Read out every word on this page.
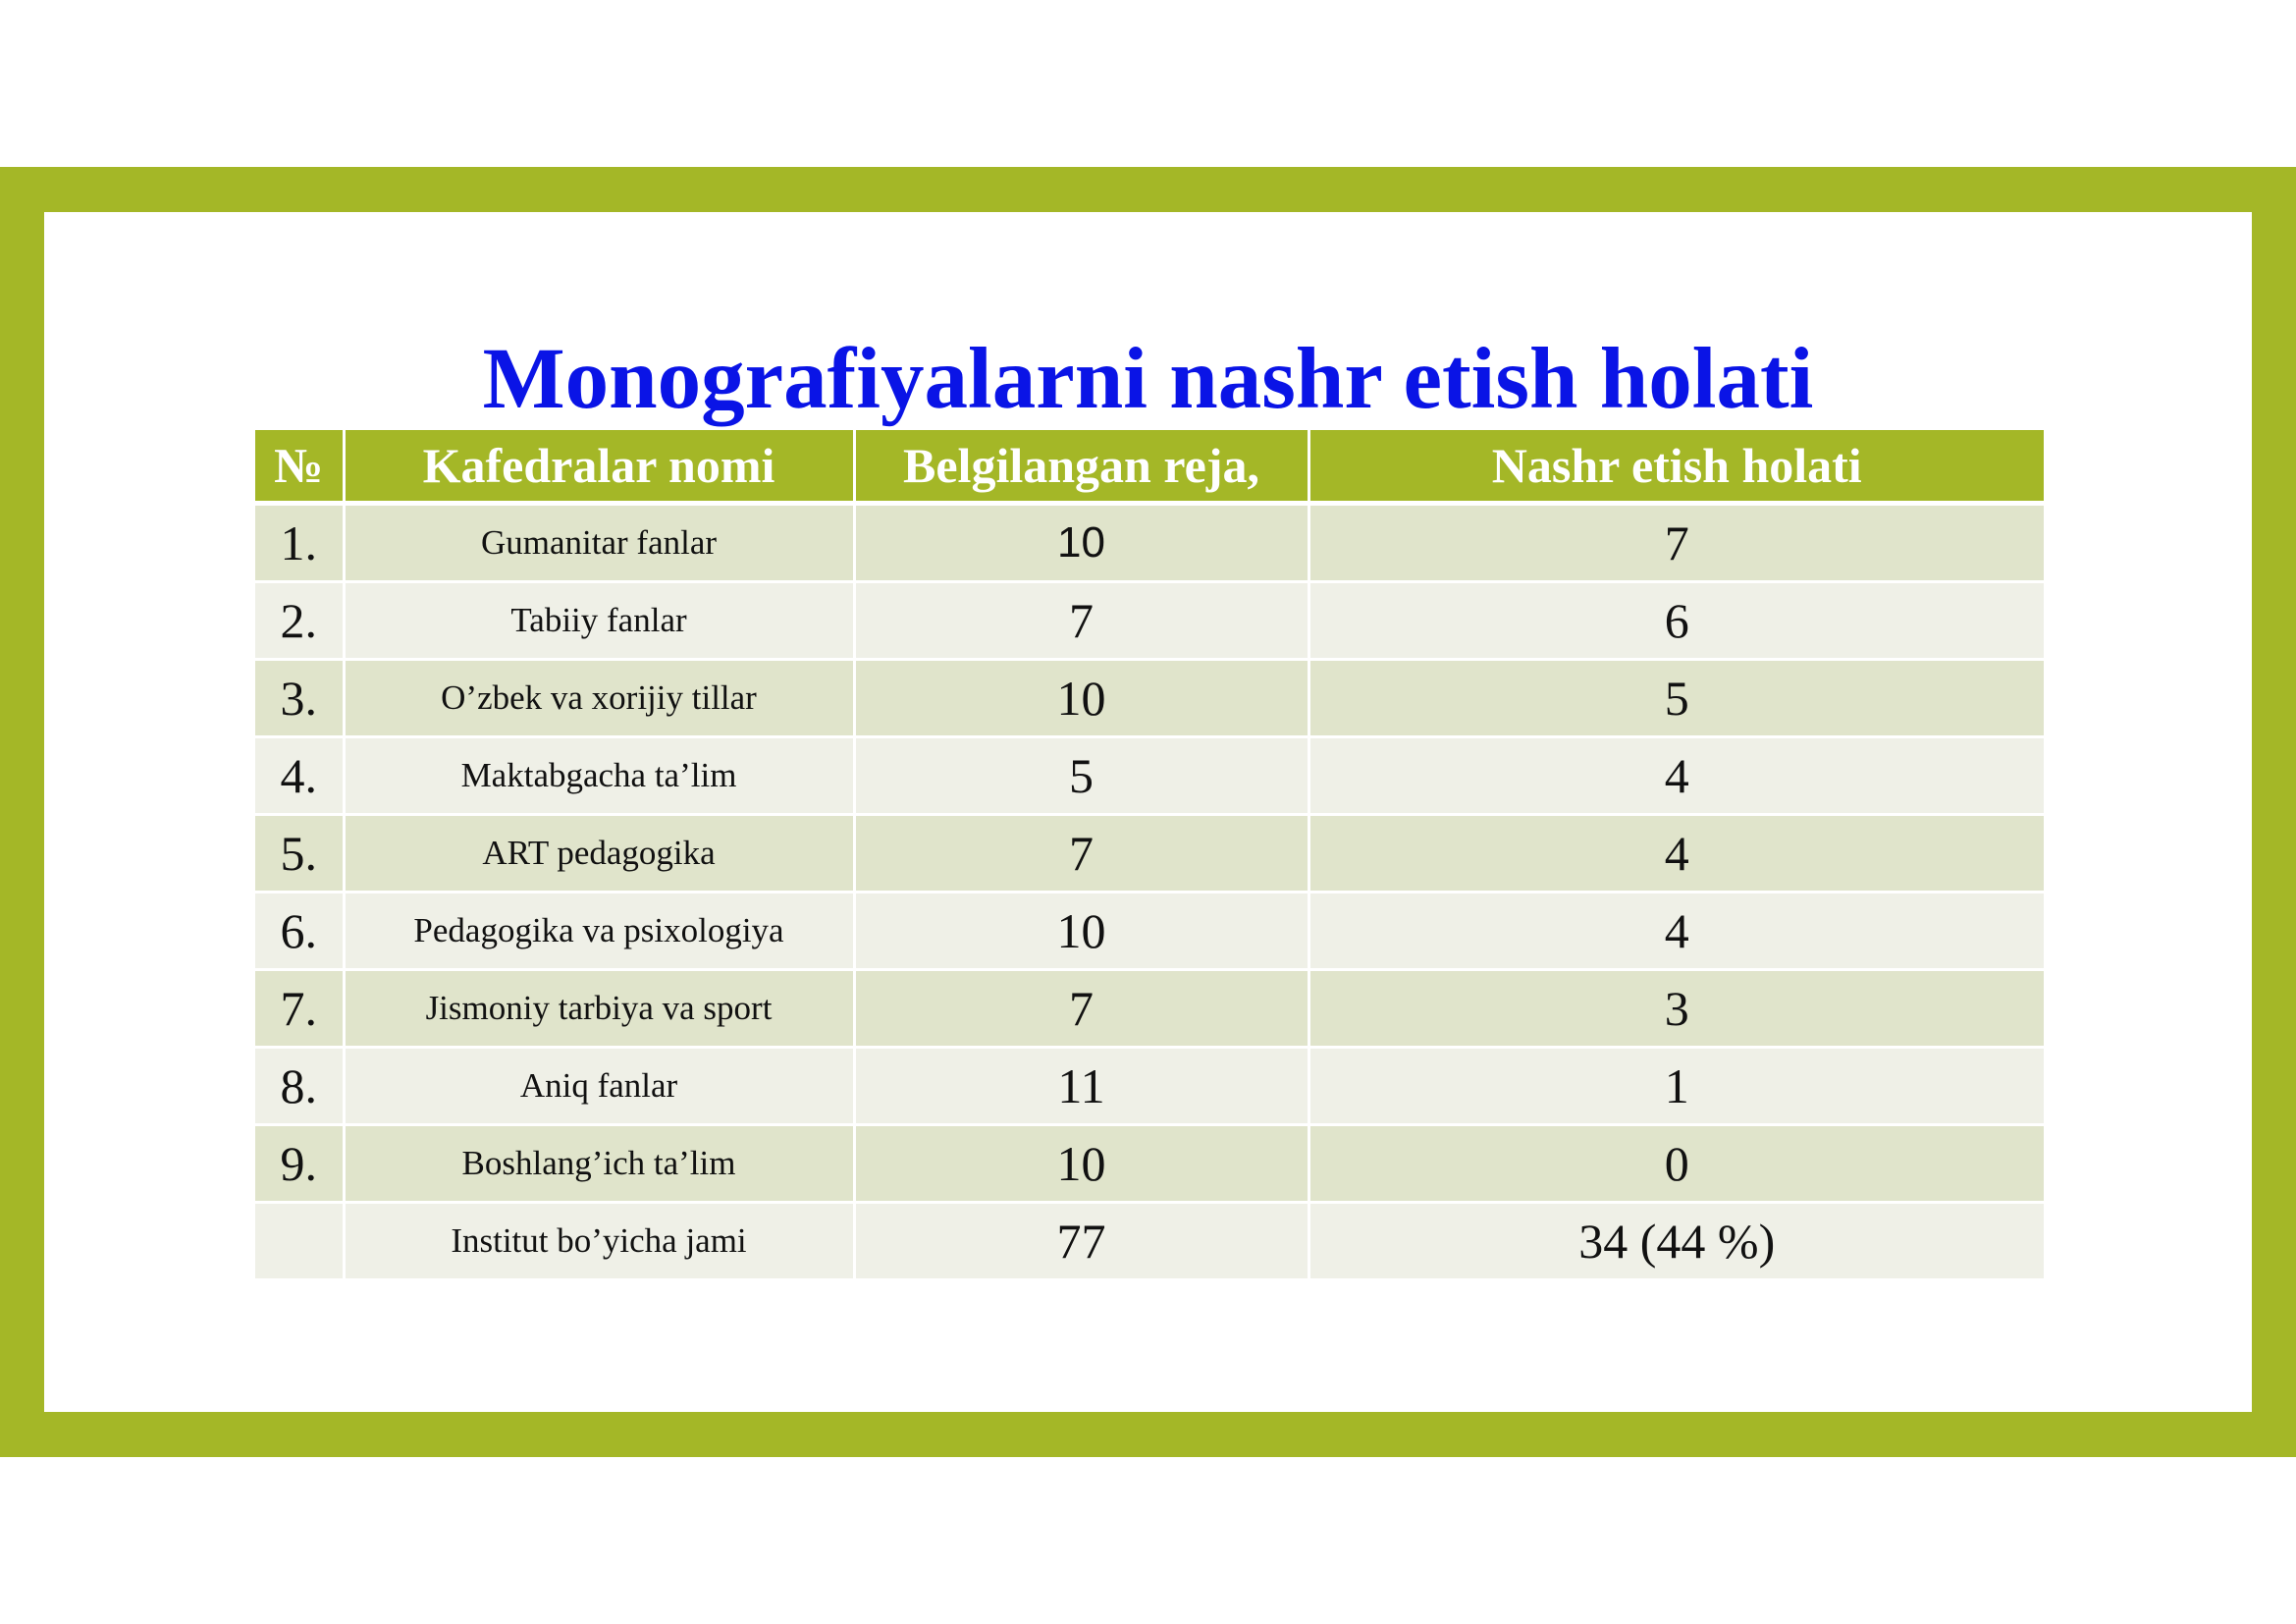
Monografiyalarni nashr etish holati
№	Kafedralar nomi	Belgilangan reja,	Nashr etish holati
1.	Gumanitar fanlar	10	7
2.	Tabiiy fanlar	7	6
3.	O’zbek va xorijiy tillar	10	5
4.	Maktabgacha ta’lim	5	4
5.	ART pedagogika	7	4
6.	Pedagogika va psixologiya	10	4
7.	Jismoniy tarbiya va sport	7	3
8.	Aniq fanlar	11	1
9.	Boshlang’ich ta’lim	10	0
	Institut bo’yicha jami	77	34 (44 %)
